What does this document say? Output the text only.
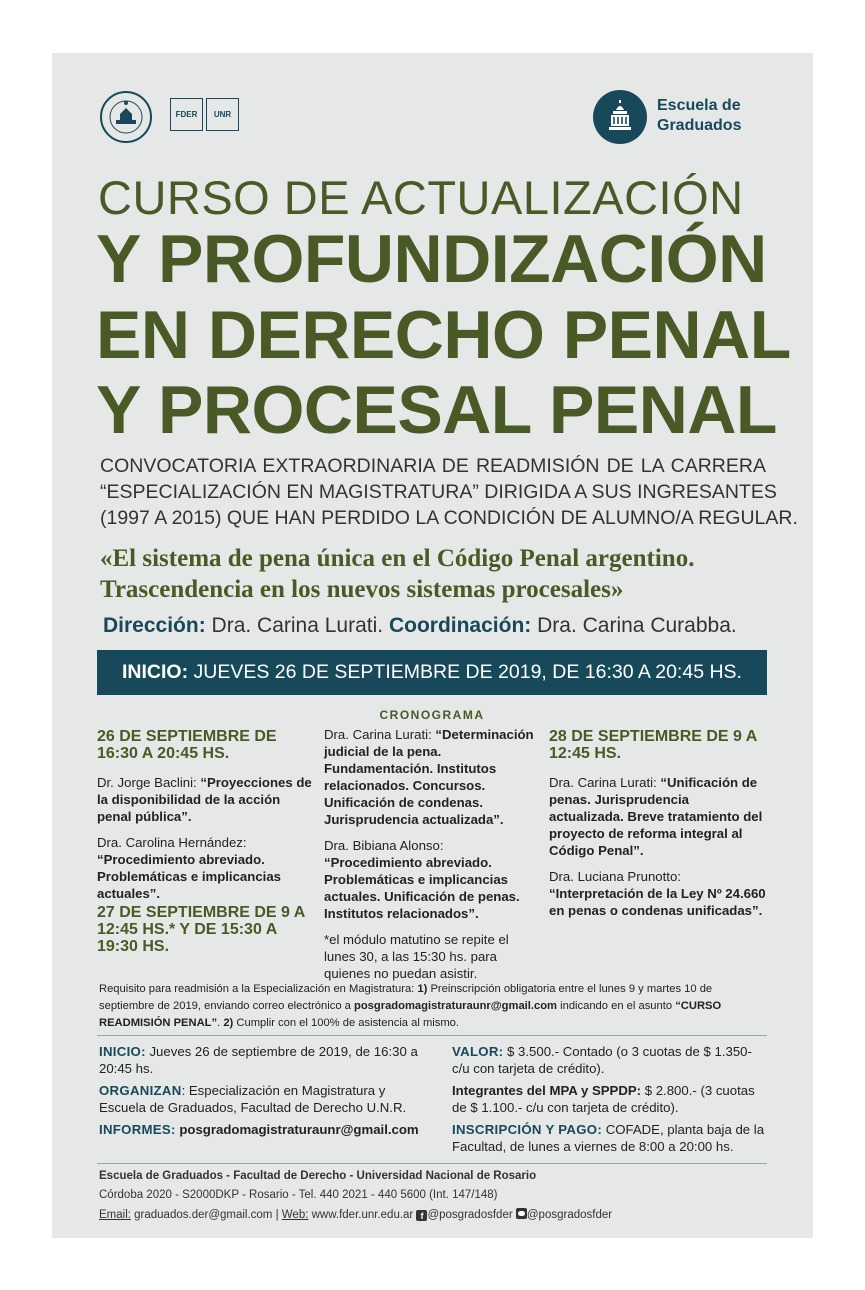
FDER	UNR
Escuela de
Graduados
CURSO DE ACTUALIZACIÓN
Y PROFUNDIZACIÓN
EN DERECHO PENAL
Y PROCESAL PENAL
CONVOCATORIA EXTRAORDINARIA DE READMISIÓN DE LA CARRERA
“ESPECIALIZACIÓN EN MAGISTRATURA” DIRIGIDA A SUS INGRESANTES
(1997 A 2015) QUE HAN PERDIDO LA CONDICIÓN DE ALUMNO/A REGULAR.
«El sistema de pena única en el Código Penal argentino.
Trascendencia en los nuevos sistemas procesales»
Dirección: Dra. Carina Lurati. Coordinación: Dra. Carina Curabba.
INICIO: JUEVES 26 DE SEPTIEMBRE DE 2019, DE 16:30 A 20:45 HS.
CRONOGRAMA
26 DE SEPTIEMBRE DE 16:30 A 20:45 HS.

Dr. Jorge Baclini: “Proyecciones de la disponibilidad de la acción penal pública”.

Dra. Carolina Hernández: “Procedimiento abreviado. Problemáticas e implicancias actuales”.

27 DE SEPTIEMBRE DE 9 A 12:45 HS.* Y DE 15:30 A 19:30 HS.

Dra. Carina Lurati: “Determinación judicial de la pena. Fundamentación. Institutos relacionados. Concursos. Unificación de condenas. Jurisprudencia actualizada”.

Dra. Bibiana Alonso: “Procedimiento abreviado. Problemáticas e implicancias actuales. Unificación de penas. Institutos relacionados”.

*el módulo matutino se repite el lunes 30, a las 15:30 hs. para quienes no puedan asistir.

28 DE SEPTIEMBRE DE 9 A 12:45 HS.

Dra. Carina Lurati: “Unificación de penas. Jurisprudencia actualizada. Breve tratamiento del proyecto de reforma integral al Código Penal”.

Dra. Luciana Prunotto: “Interpretación de la Ley Nº 24.660 en penas o condenas unificadas”.

Requisito para readmisión a la Especialización en Magistratura: 1) Preinscripción obligatoria entre el lunes 9 y martes 10 de septiembre de 2019, enviando correo electrónico a posgradomagistraturaunr@gmail.com indicando en el asunto “CURSO READMISIÓN PENAL”. 2) Cumplir con el 100% de asistencia al mismo.

INICIO: Jueves 26 de septiembre de 2019, de 16:30 a 20:45 hs.

ORGANIZAN: Especialización en Magistratura y Escuela de Graduados, Facultad de Derecho U.N.R.

INFORMES: posgradomagistraturaunr@gmail.com

VALOR: $ 3.500.- Contado (o 3 cuotas de $ 1.350- c/u con tarjeta de crédito).

Integrantes del MPA y SPPDP: $ 2.800.- (3 cuotas de $ 1.100.- c/u con tarjeta de crédito).

INSCRIPCIÓN Y PAGO: COFADE, planta baja de la Facultad, de lunes a viernes de 8:00 a 20:00 hs.

Escuela de Graduados - Facultad de Derecho - Universidad Nacional de Rosario
Córdoba 2020 - S2000DKP - Rosario - Tel. 440 2021 - 440 5600 (Int. 147/148)
Email: graduados.der@gmail.com | Web: www.fder.unr.edu.ar f @posgradosfder @posgradosfder
